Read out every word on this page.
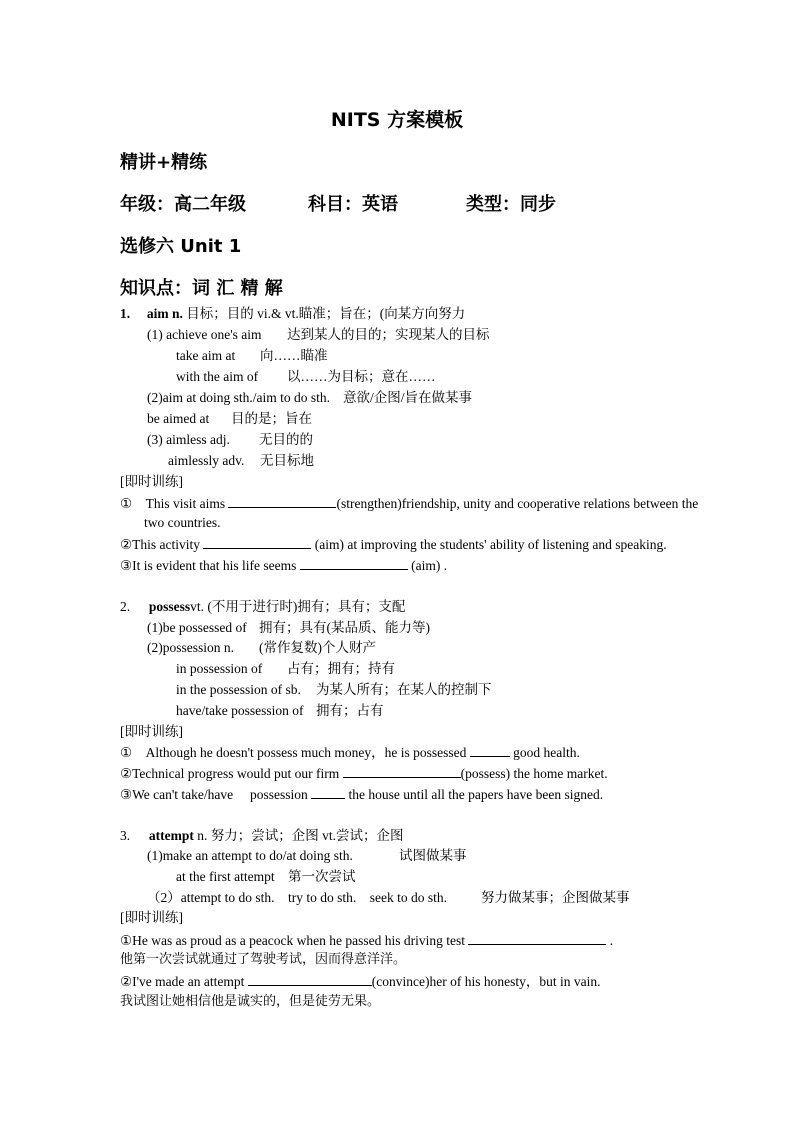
NITS 方案模板
精讲+精练
年级：高二年级	科目：英语	类型：同步
选修六 Unit 1
知识点：词 汇 精 解
1. aim n. 目标；目的 vi.& vt.瞄准；旨在；(向某方向努力
(1) achieve one's aim 达到某人的目的；实现某人的目标
take aim at 向……瞄准
with the aim of 以……为目标；意在……
(2)aim at doing sth./aim to do sth. 意欲/企图/旨在做某事
be aimed at 目的是；旨在
(3) aimless adj. 无目的的
aimlessly adv. 无目标地
[即时训练]
①　This visit aims	(strengthen)friendship, unity and cooperative relations between the
two countries.
②This activity	(aim) at improving the students' ability of listening and speaking.
③It is evident that his life seems	(aim) .
2. possessvt. (不用于进行时)拥有；具有；支配
(1)be possessed of 拥有；具有(某品质、能力等)
(2)possession n. (常作复数)个人财产
in possession of 占有；拥有；持有
in the possession of sb. 为某人所有；在某人的控制下
have/take possession of 拥有；占有
[即时训练]
①　Although he doesn't possess much money，he is possessed	good health.
②Technical progress would put our firm	(possess) the home market.
③We can't take/have　 possession	the house until all the papers have been signed.
3. attempt n. 努力；尝试；企图 vt.尝试；企图
(1)make an attempt to do/at doing sth.	试图做某事
at the first attempt 第一次尝试
（2）attempt to do sth.　try to do sth.　seek to do sth.	努力做某事；企图做某事
[即时训练]
①He was as proud as a peacock when he passed his driving test	.
他第一次尝试就通过了驾驶考试，因而得意洋洋。
②I've made an attempt	(convince)her of his honesty，but in vain.
我试图让她相信他是诚实的，但是徒劳无果。
